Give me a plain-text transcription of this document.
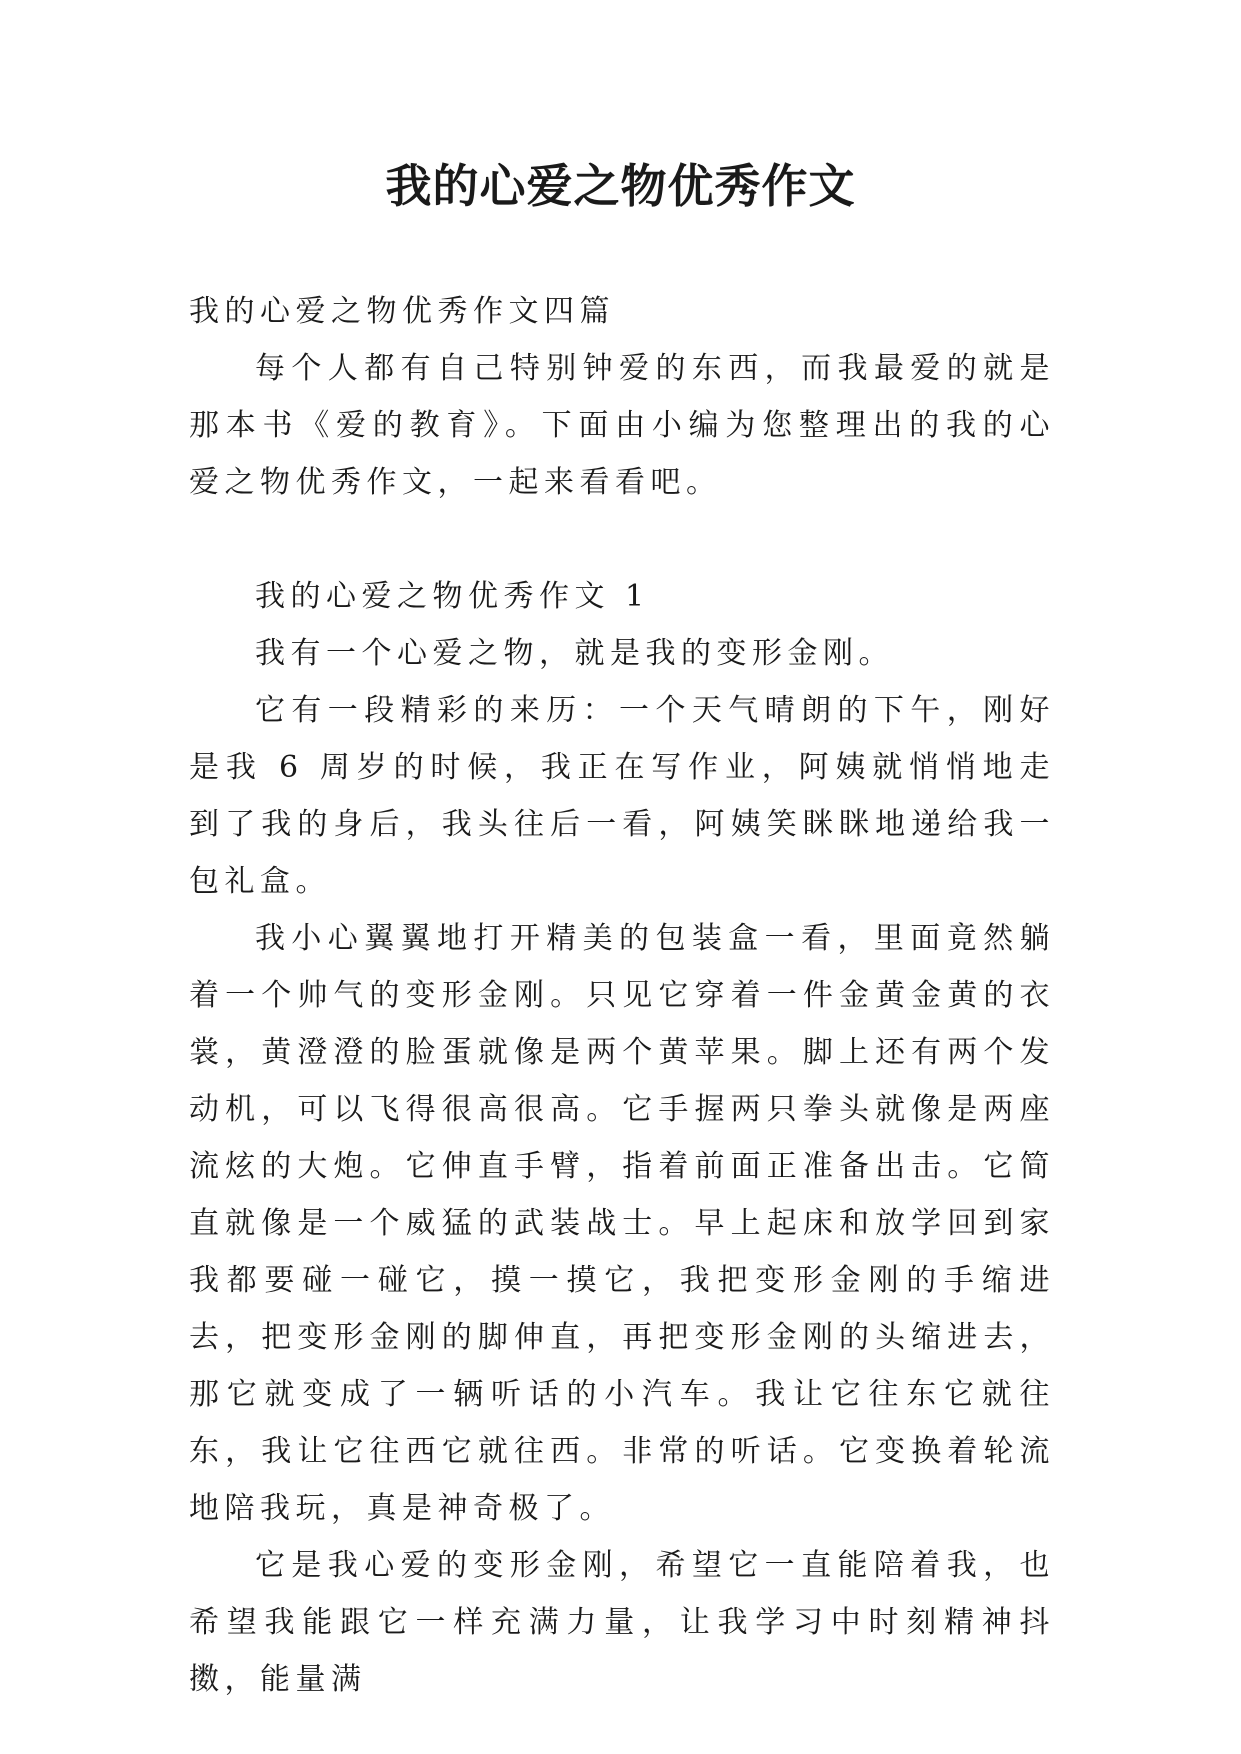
我的心爱之物优秀作文

我的心爱之物优秀作文四篇

每个人都有自己特别钟爱的东西，而我最爱的就是那本书《爱的教育》。下面由小编为您整理出的我的心爱之物优秀作文，一起来看看吧。

我的心爱之物优秀作文 1

我有一个心爱之物，就是我的变形金刚。

它有一段精彩的来历：一个天气晴朗的下午，刚好是我 6 周岁的时候，我正在写作业，阿姨就悄悄地走到了我的身后，我头往后一看，阿姨笑眯眯地递给我一包礼盒。

我小心翼翼地打开精美的包装盒一看，里面竟然躺着一个帅气的变形金刚。只见它穿着一件金黄金黄的衣裳，黄澄澄的脸蛋就像是两个黄苹果。脚上还有两个发动机，可以飞得很高很高。它手握两只拳头就像是两座流炫的大炮。它伸直手臂，指着前面正准备出击。它简直就像是一个威猛的武装战士。早上起床和放学回到家我都要碰一碰它，摸一摸它，我把变形金刚的手缩进去，把变形金刚的脚伸直，再把变形金刚的头缩进去，那它就变成了一辆听话的小汽车。我让它往东它就往东，我让它往西它就往西。非常的听话。它变换着轮流地陪我玩，真是神奇极了。

它是我心爱的变形金刚，希望它一直能陪着我，也希望我能跟它一样充满力量，让我学习中时刻精神抖擞，能量满
